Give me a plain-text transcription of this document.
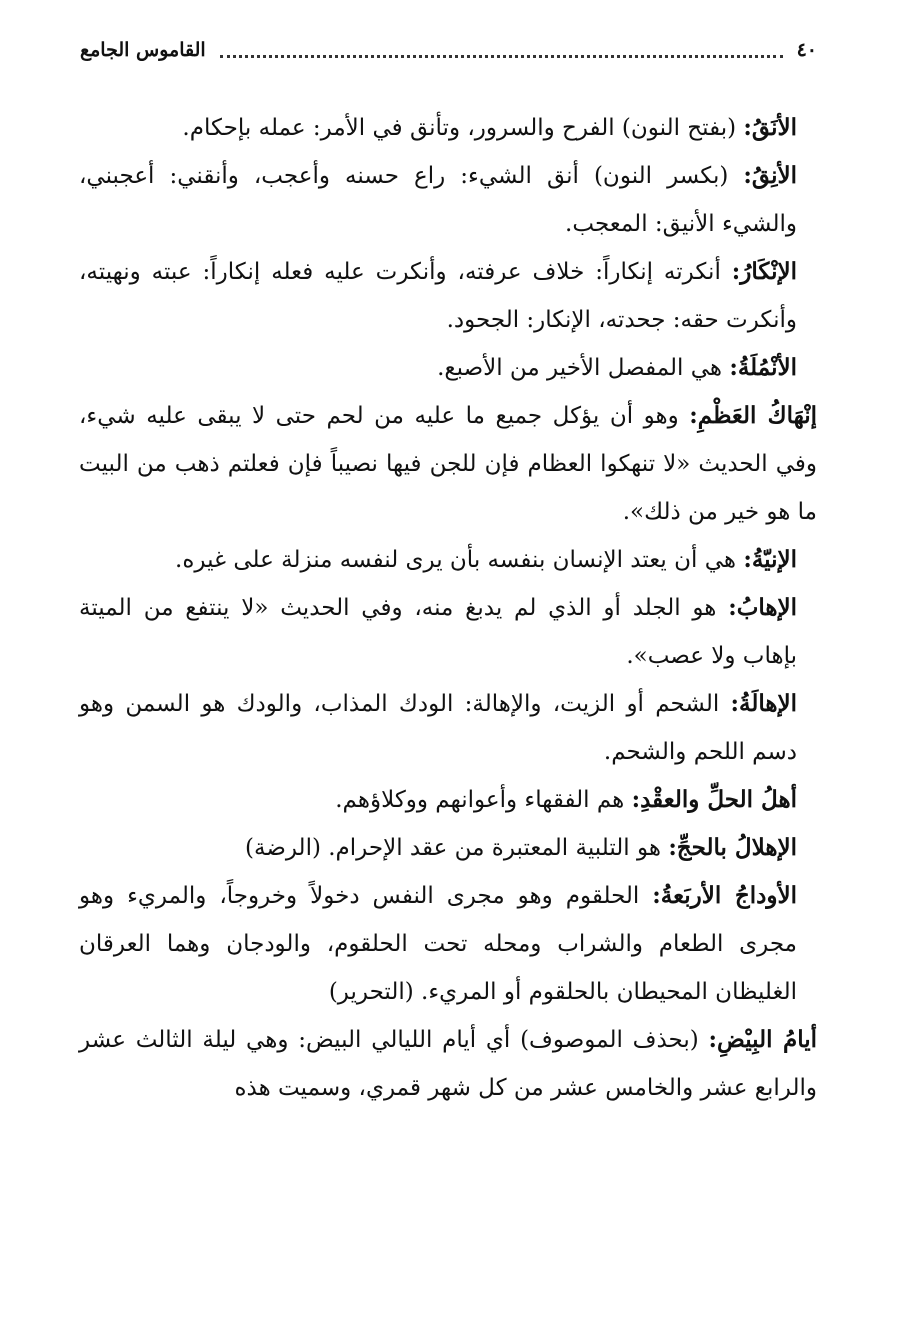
٤٠
القاموس الجامع

الأنَقُ: (بفتح النون) الفرح والسرور، وتأنق في الأمر: عمله بإحكام.

الأنِقُ: (بكسر النون) أنق الشيء: راع حسنه وأعجب، وأنقني: أعجبني، والشيء الأنيق: المعجب.

الإنْكَارُ: أنكرته إنكاراً: خلاف عرفته، وأنكرت عليه فعله إنكاراً: عبته ونهيته، وأنكرت حقه: جحدته، الإنكار: الجحود.

الأنْمُلَةُ: هي المفصل الأخير من الأصبع.

إنْهَاكُ العَظْمِ: وهو أن يؤكل جميع ما عليه من لحم حتى لا يبقى عليه شيء، وفي الحديث «لا تنهكوا العظام فإن للجن فيها نصيباً فإن فعلتم ذهب من البيت ما هو خير من ذلك».

الإنيّةُ: هي أن يعتد الإنسان بنفسه بأن يرى لنفسه منزلة على غيره.

الإهابُ: هو الجلد أو الذي لم يدبغ منه، وفي الحديث «لا ينتفع من الميتة بإهاب ولا عصب».

الإهالَةُ: الشحم أو الزيت، والإهالة: الودك المذاب، والودك هو السمن وهو دسم اللحم والشحم.

أهلُ الحلِّ والعقْدِ: هم الفقهاء وأعوانهم ووكلاؤهم.

الإهلالُ بالحجِّ: هو التلبية المعتبرة من عقد الإحرام. (الرضة)

الأوداجُ الأربَعةُ: الحلقوم وهو مجرى النفس دخولاً وخروجاً، والمريء وهو مجرى الطعام والشراب ومحله تحت الحلقوم، والودجان وهما العرقان الغليظان المحيطان بالحلقوم أو المريء. (التحرير)

أيامُ البِيْضِ: (بحذف الموصوف) أي أيام الليالي البيض: وهي ليلة الثالث عشر والرابع عشر والخامس عشر من كل شهر قمري، وسميت هذه
